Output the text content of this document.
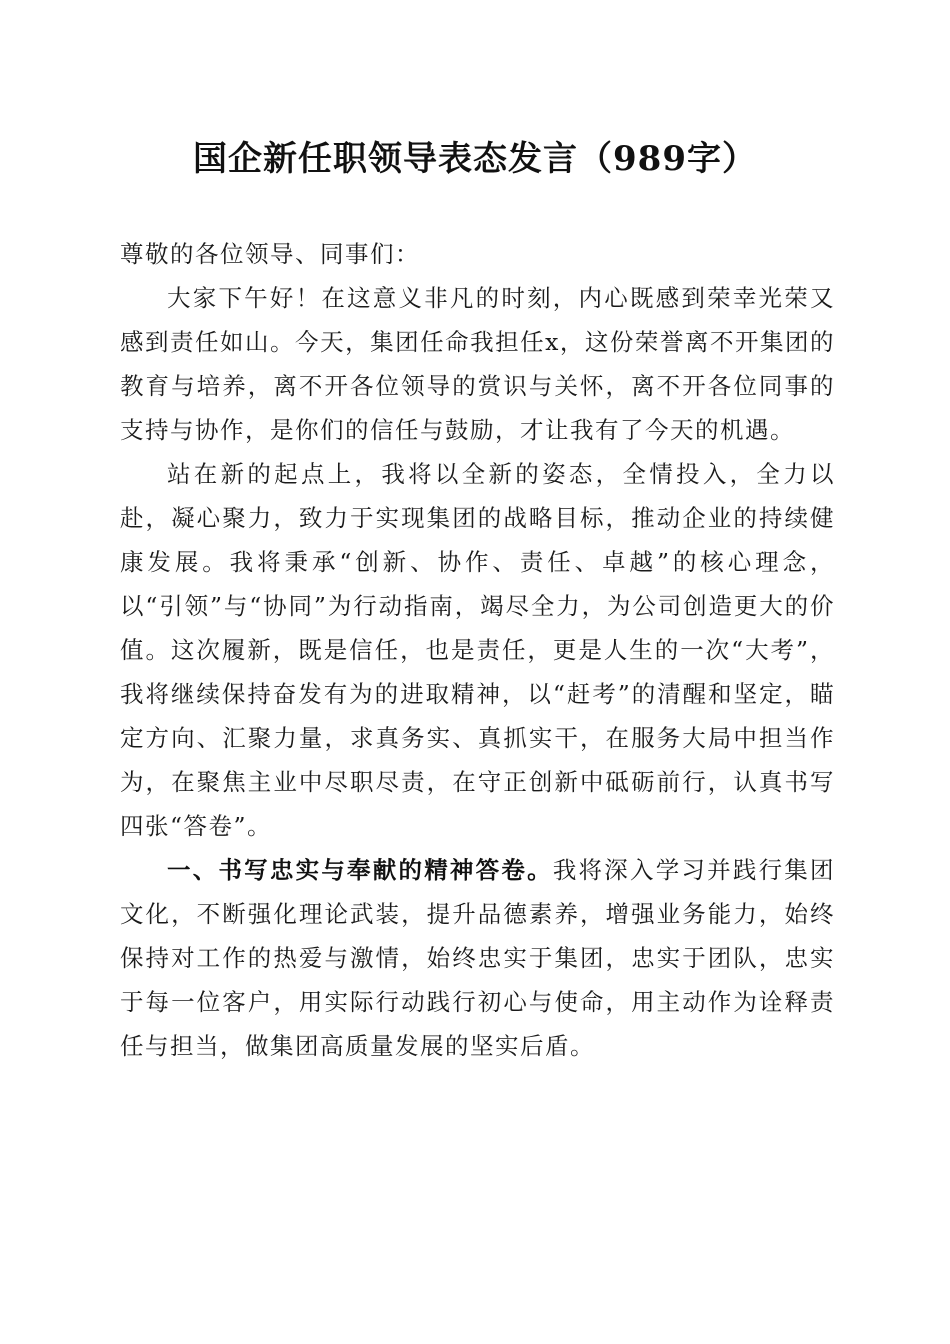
国企新任职领导表态发言（989字）

尊敬的各位领导、同事们：

大家下午好！在这意义非凡的时刻，内心既感到荣幸光荣又感到责任如山。今天，集团任命我担任x，这份荣誉离不开集团的教育与培养，离不开各位领导的赏识与关怀，离不开各位同事的支持与协作，是你们的信任与鼓励，才让我有了今天的机遇。

站在新的起点上，我将以全新的姿态，全情投入，全力以赴，凝心聚力，致力于实现集团的战略目标，推动企业的持续健康发展。我将秉承“创新、协作、责任、卓越”的核心理念，以“引领”与“协同”为行动指南，竭尽全力，为公司创造更大的价值。这次履新，既是信任，也是责任，更是人生的一次“大考”，我将继续保持奋发有为的进取精神，以“赶考”的清醒和坚定，瞄定方向、汇聚力量，求真务实、真抓实干，在服务大局中担当作为，在聚焦主业中尽职尽责，在守正创新中砥砺前行，认真书写四张“答卷”。

一、书写忠实与奉献的精神答卷。我将深入学习并践行集团文化，不断强化理论武装，提升品德素养，增强业务能力，始终保持对工作的热爱与激情，始终忠实于集团，忠实于团队，忠实于每一位客户，用实际行动践行初心与使命，用主动作为诠释责任与担当，做集团高质量发展的坚实后盾。
